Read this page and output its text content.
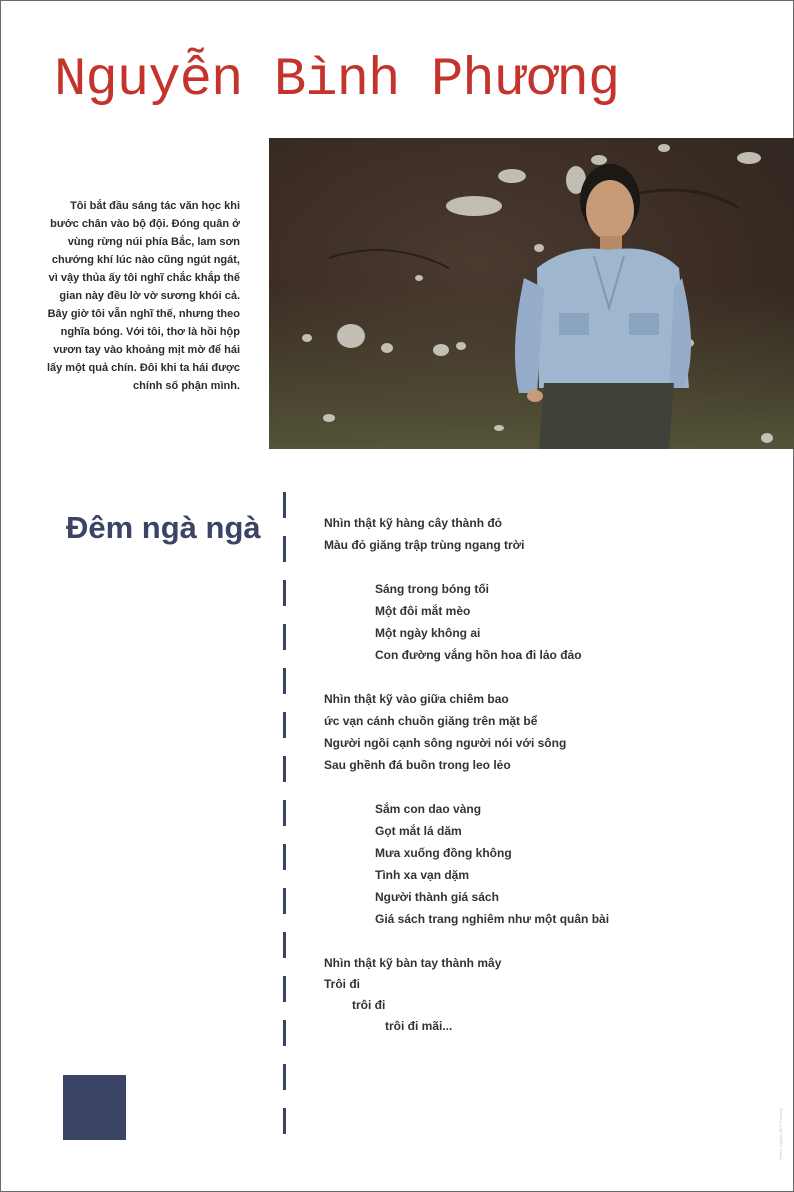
Nguyễn Bình Phương
Tôi bắt đầu sáng tác văn học khi
bước chân vào bộ đội. Đóng quân ở
vùng rừng núi phía Bắc, lam sơn
chướng khí lúc nào cũng ngút ngát,
vì vậy thủa ấy tôi nghĩ chắc khắp thế
gian này đều lờ vờ sương khói cả.
Bây giờ tôi vẫn nghĩ thế, nhưng theo
nghĩa bóng. Với tôi, thơ là hồi hộp
vươn tay vào khoảng mịt mờ để hái
lấy một quả chín. Đôi khi ta hái được
chính số phận mình.
Đêm ngà ngà	Nhìn thật kỹ hàng cây thành đỏ
Màu đỏ giăng trập trùng ngang trời
Sáng trong bóng tối
Một đôi mắt mèo
Một ngày không ai
Con đường vắng hồn hoa đi lảo đảo
Nhìn thật kỹ vào giữa chiêm bao
ức vạn cánh chuồn giăng trên mặt bể
Người ngồi cạnh sông người nói với sông
Sau ghềnh đá buồn trong leo lẻo
Sắm con dao vàng
Gọt mắt lá dăm
Mưa xuống đồng không
Tình xa vạn dặm
Người thành giá sách
Giá sách trang nghiêm như một quân bài
Nhìn thật kỹ bàn tay thành mây
Trôi đi
trôi đi
trôi đi mãi...
Photo: Nguyễn Bình Phương
